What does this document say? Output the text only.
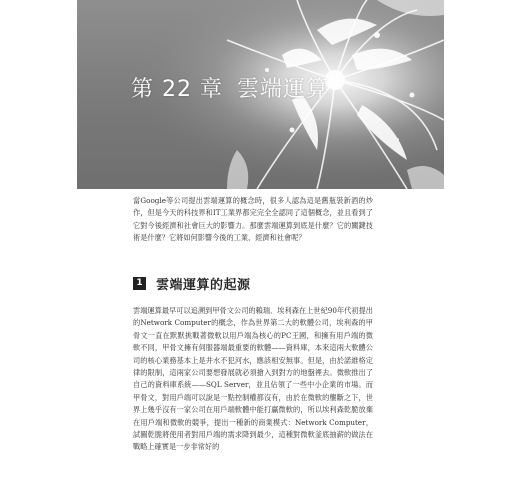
第 22 章 雲端運算

當Google等公司提出雲端運算的概念時，很多人認為這是舊瓶裝新酒的炒作，但是今天的科技界和IT工業界都完完全全認同了這個概念，並且看到了它對今後經濟和社會巨大的影響力。那麼雲端運算到底是什麼？它的關鍵技術是什麼？它將如何影響今後的工業、經濟和社會呢？

1 雲端運算的起源

雲端運算最早可以追溯到甲骨文公司的賴瑞．埃利森在上世紀90年代初提出的Network Computer的概念，作為世界第二大的軟體公司，埃利森的甲骨文一直在默默挑戰著微軟以用戶端為核心的PC王國，和擁有用戶端的微軟不同，甲骨文擁有伺服器端最重要的軟體——資料庫，本來這兩大軟體公司的核心業務基本上是井水不犯河水，應該相安無事。但是，由於諾維格定律的限制，這兩家公司要想發展就必須搶入到對方的地盤裡去。微軟推出了自己的資料庫系統——SQL Server，並且佔領了一些中小企業的市場。而甲骨文，對用戶端可以說是一點控制權都沒有，由於在微軟的壟斷之下，世界上幾乎沒有一家公司在用戶端軟體中能打贏微軟的，所以埃利森乾脆放棄在用戶端和微軟的競爭，提出一種新的商業模式：Network Computer，試圖乾脆將使用者對用戶端的需求降到最少，這種對微軟釜底抽薪的做法在戰略上確實是一步非常好的
